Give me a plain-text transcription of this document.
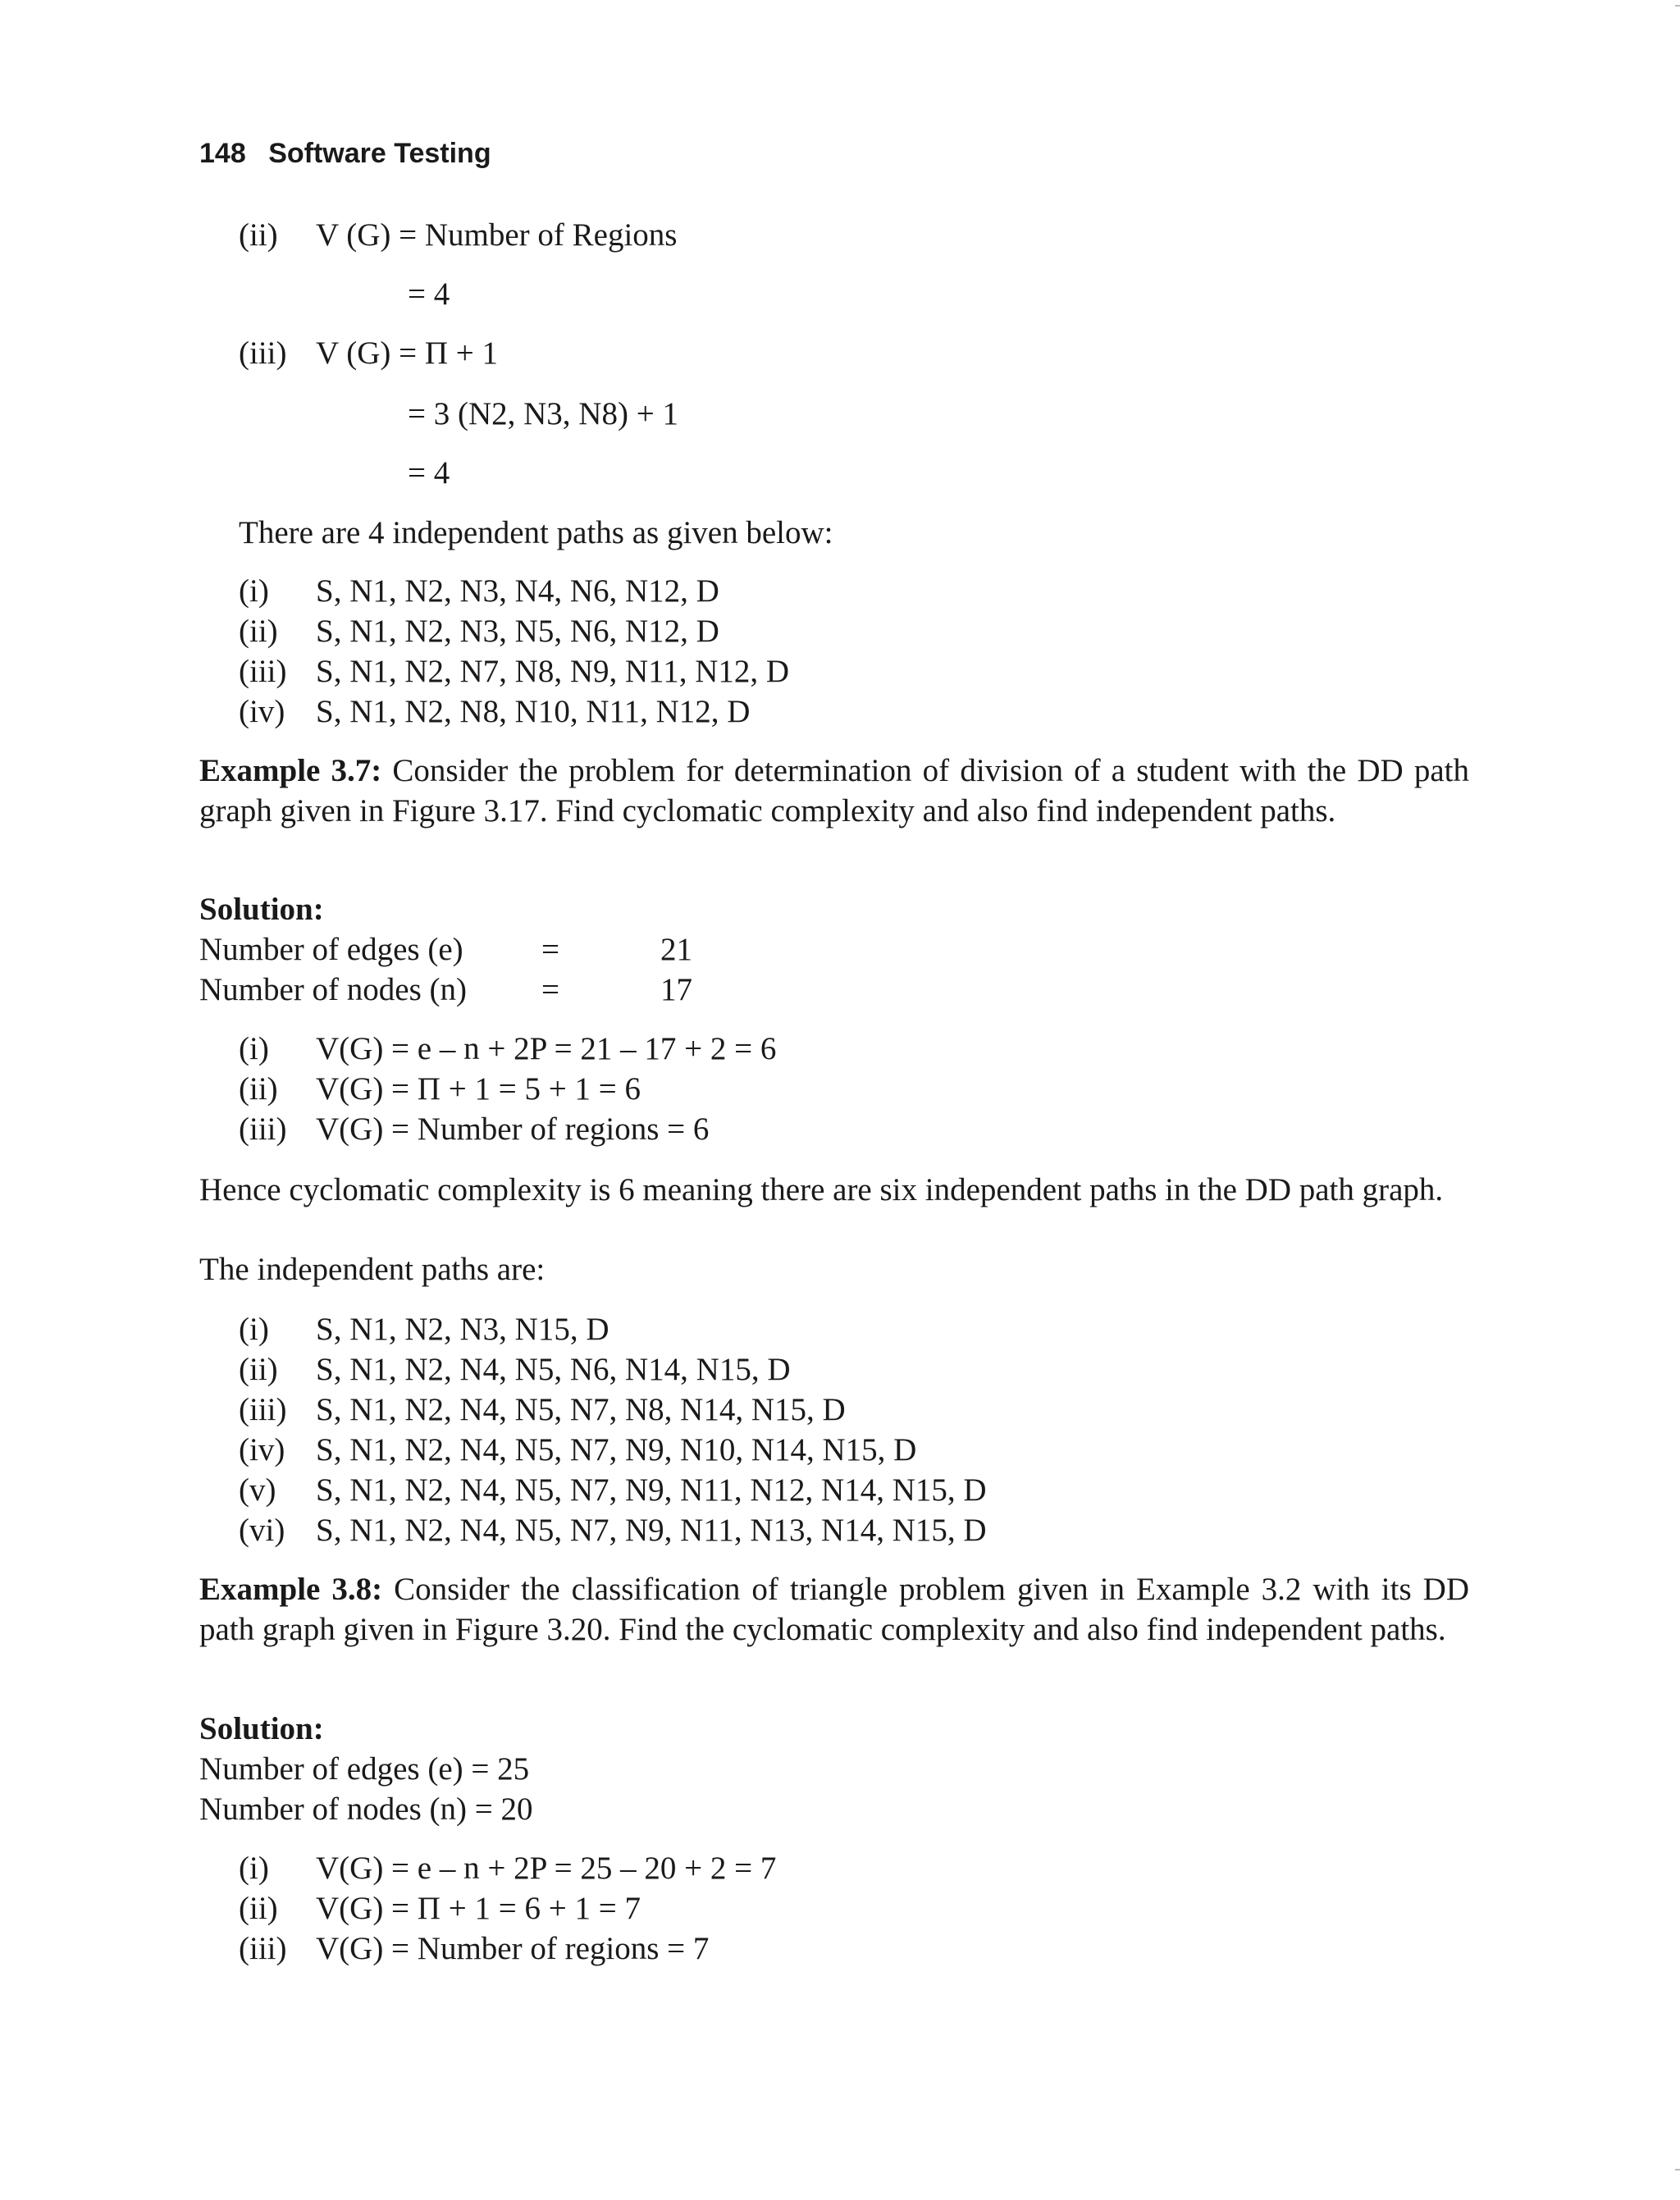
148 Software Testing
(ii) V (G) = Number of Regions
= 4
(iii) V (G) = Π + 1
= 3 (N2, N3, N8) + 1
= 4
There are 4 independent paths as given below:
(i) S, N1, N2, N3, N4, N6, N12, D
(ii) S, N1, N2, N3, N5, N6, N12, D
(iii) S, N1, N2, N7, N8, N9, N11, N12, D
(iv) S, N1, N2, N8, N10, N11, N12, D
Example 3.7: Consider the problem for determination of division of a student with the DD path graph given in Figure 3.17. Find cyclomatic complexity and also find independent paths.
Solution:
Number of edges (e) =	21
Number of nodes (n) =	17
(i) V(G) = e – n + 2P = 21 – 17 + 2 = 6
(ii) V(G) = Π + 1 = 5 + 1 = 6
(iii) V(G) = Number of regions = 6
Hence cyclomatic complexity is 6 meaning there are six independent paths in the DD path graph.
The independent paths are:
(i) S, N1, N2, N3, N15, D
(ii) S, N1, N2, N4, N5, N6, N14, N15, D
(iii) S, N1, N2, N4, N5, N7, N8, N14, N15, D
(iv) S, N1, N2, N4, N5, N7, N9, N10, N14, N15, D
(v) S, N1, N2, N4, N5, N7, N9, N11, N12, N14, N15, D
(vi) S, N1, N2, N4, N5, N7, N9, N11, N13, N14, N15, D
Example 3.8: Consider the classification of triangle problem given in Example 3.2 with its DD path graph given in Figure 3.20. Find the cyclomatic complexity and also find independent paths.
Solution:
Number of edges (e) = 25
Number of nodes (n) = 20
(i) V(G) = e – n + 2P = 25 – 20 + 2 = 7
(ii) V(G) = Π + 1 = 6 + 1 = 7
(iii) V(G) = Number of regions = 7
